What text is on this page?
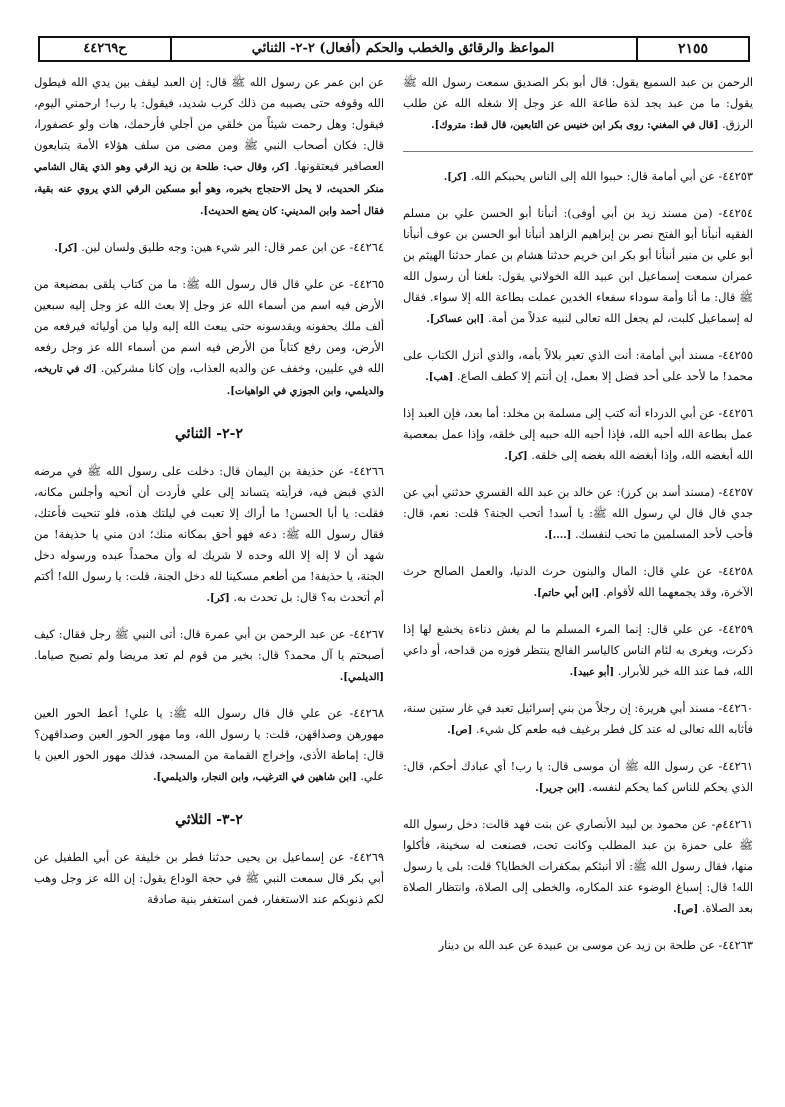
٢١٥٥
المواعظ والرقائق والخطب والحكم (أفعال) ٢-٢- الثنائي
ح٤٤٢٦٩

الرحمن بن عبد السميع يقول: قال أبو بكر الصديق سمعت رسول الله ﷺ يقول: ما من عبد يجد لذة طاعة الله عز وجل إلا شغله الله عن طلب الرزق. [قال في المغني: روى بكر ابن خنيس عن التابعين، قال قط: متروك].

٤٤٢٥٣- عن أبي أمامة قال: حببوا الله إلى الناس يحببكم الله. [كر].

٤٤٢٥٤- (من مسند زيد بن أبي أوفى): أنبأنا أبو الحسن علي بن مسلم الفقيه أنبأنا أبو الفتح نصر بن إبراهيم الزاهد أنبأنا أبو الحسن بن عوف أنبأنا أبو علي بن منير أنبأنا أبو بكر ابن خريم حدثنا هشام بن عمار حدثنا الهيثم بن عمران سمعت إسماعيل ابن عبيد الله الخولاني يقول: بلغنا أن رسول الله ﷺ قال: ما أنا وأمة سوداء سفعاء الخدين عملت بطاعة الله إلا سواء. فقال له إسماعيل كلبت، لم يجعل الله تعالى لنبيه عدلاً من أمة. [ابن عساكر].

٤٤٢٥٥- مسند أبي أمامة: أنت الذي تعير بلالاً بأمه، والذي أنزل الكتاب على محمد! ما لأحد على أحد فضل إلا بعمل، إن أنتم إلا كطف الصاع. [هب].

٤٤٢٥٦- عن أبي الدرداء أنه كتب إلى مسلمة بن مخلد: أما بعد، فإن العبد إذا عمل بطاعة الله أحبه الله، فإذا أحبه الله حببه إلى خلقه، وإذا عمل بمعصية الله أبغضه الله، وإذا أبغضه الله بغضه إلى خلقه. [كر].

٤٤٢٥٧- (مسند أسد بن كرز): عن خالد بن عبد الله القسري حدثني أبي عن جدي قال قال لي رسول الله ﷺ: يا أسد! أتحب الجنة؟ قلت: نعم، قال: فأحب لأحد المسلمين ما تحب لنفسك. [....].

٤٤٢٥٨- عن علي قال: المال والبنون حرث الدنيا، والعمل الصالح حرث الآخرة، وقد يجمعهما الله لأقوام. [ابن أبي حاتم].

٤٤٢٥٩- عن علي قال: إنما المرء المسلم ما لم يغش دناءة يخشع لها إذا ذكرت، ويغرى به لئام الناس كالياسر الفالج ينتظر فوزه من قداحه، أو داعي الله، فما عند الله خير للأبرار. [أبو عبيد].

٤٤٢٦٠- مسند أبي هريرة: إن رجلاً من بني إسرائيل تعبد في غار ستين سنة، فأثابه الله تعالى له عند كل فطر برغيف فيه طعم كل شيء. [ص].

٤٤٢٦١- عن رسول الله ﷺ أن موسى قال: يا رب! أي عبادك أحكم، قال: الذي يحكم للناس كما يحكم لنفسه. [ابن جرير].

٤٤٢٦١م- عن محمود بن لبيد الأنصاري عن بنت فهد قالت: دخل رسول الله ﷺ على حمزة بن عبد المطلب وكانت تحت، فصنعت له سخينة، فأكلوا منها، فقال رسول الله ﷺ: ألا أنبئكم بمكفرات الخطايا؟ قلت: بلى يا رسول الله! قال: إسباغ الوضوء عند المكاره، والخطى إلى الصلاة، وانتظار الصلاة بعد الصلاة. [ص].

٤٤٢٦٣- عن طلحة بن زيد عن موسى بن عبيدة عن عبد الله بن دينار

عن ابن عمر عن رسول الله ﷺ قال: إن العبد ليقف بين يدي الله فيطول الله وقوفه حتى يصيبه من ذلك كرب شديد، فيقول: يا رب! ارحمني اليوم، فيقول: وهل رحمت شيئاً من خلقي من أجلي فأرحمك، هات ولو عصفورا، قال: فكان أصحاب النبي ﷺ ومن مضى من سلف هؤلاء الأمة يتبايعون العصافير فيعتقونها. [كر، وقال حب: طلحة بن زيد الرقي وهو الذي يقال الشامي منكر الحديث، لا يحل الاحتجاج بخبره، وهو أبو مسكين الرقي الذي يروي عنه بقية، فقال أحمد وابن المديني: كان يضع الحديث].

٤٤٢٦٤- عن ابن عمر قال: البر شيء هين: وجه طليق ولسان لين. [كر].

٤٤٢٦٥- عن علي قال قال رسول الله ﷺ: ما من كتاب يلقى بمضيعة من الأرض فيه اسم من أسماء الله عز وجل إلا بعث الله عز وجل إليه سبعين ألف ملك يحفونه ويقدسونه حتى يبعث الله إليه وليا من أوليائه فيرفعه من الأرض، ومن رفع كتاباً من الأرض فيه اسم من أسماء الله عز وجل رفعه الله في عليين، وخفف عن والديه العذاب، وإن كانا مشركين. [ك في تاريخه، والديلمي، وابن الجوزي في الواهيات].

٢-٢- الثنائي

٤٤٢٦٦- عن حذيفة بن اليمان قال: دخلت على رسول الله ﷺ في مرضه الذي قبض فيه، فرأيته يتساند إلى علي فأردت أن أنحيه وأجلس مكانه، فقلت: يا أبا الحسن! ما أراك إلا تعبت في ليلتك هذه، فلو تنحيت فأعتك، فقال رسول الله ﷺ: دعه فهو أحق بمكانه منك؛ ادن مني يا حذيفة! من شهد أن لا إله إلا الله وحده لا شريك له وأن محمداً عبده ورسوله دخل الجنة، يا حذيفة! من أطعم مسكينا لله دخل الجنة، قلت: يا رسول الله! أكتم أم أتحدث به؟ قال: بل تحدث به. [كر].

٤٤٢٦٧- عن عبد الرحمن بن أبي عمرة قال: أتى النبي ﷺ رجل فقال: كيف أصبحتم يا آل محمد؟ قال: بخير من قوم لم تعد مريضا ولم تصبح صياما. [الديلمي].

٤٤٢٦٨- عن علي قال قال رسول الله ﷺ: يا علي! أعط الحور العين مهورهن وصداقهن، قلت: يا رسول الله، وما مهور الحور العين وصداقهن؟ قال: إماطة الأذى، وإخراج القمامة من المسجد، فذلك مهور الحور العين يا علي. [ابن شاهين في الترغيب، وابن النجار، والديلمي].

٢-٣- الثلاثي

٤٤٢٦٩- عن إسماعيل بن يحيى حدثنا فطر بن خليفة عن أبي الطفيل عن أبي بكر قال سمعت النبي ﷺ في حجة الوداع يقول: إن الله عز وجل وهب لكم ذنوبكم عند الاستغفار، فمن استغفر بنية صادقة
